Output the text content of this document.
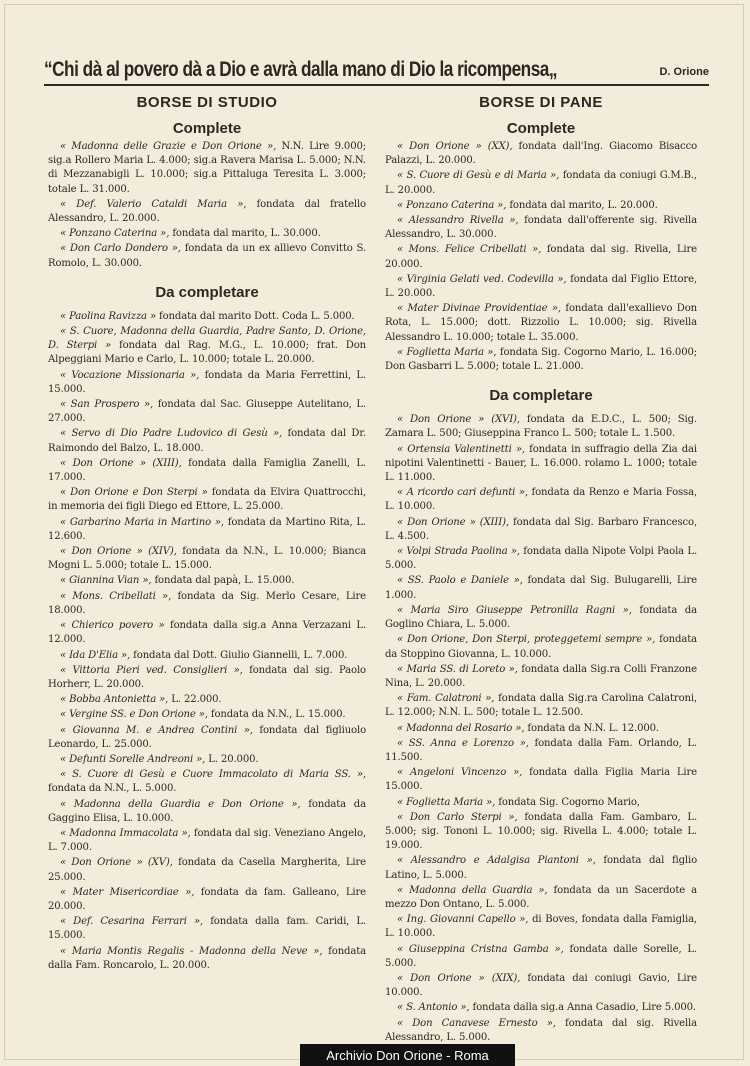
“Chi dà al povero dà a Dio e avrà dalla mano di Dio la ricompensa„	D. Orione
BORSE DI STUDIO
Complete

« Madonna delle Grazie e Don Orione », N.N. Lire 9.000; sig.a Rollero Maria L. 4.000; sig.a Ravera Marisa L. 5.000; N.N. di Mezzanabigli L. 10.000; sig.a Pittaluga Teresita L. 3.000; totale L. 31.000.

« Def. Valerio Cataldi Maria », fondata dal fratello Alessandro, L. 20.000.

« Ponzano Caterina », fondata dal marito, L. 30.000.

« Don Carlo Dondero », fondata da un ex allievo Convitto S. Romolo, L. 30.000.

Da completare

« Paolina Ravizza » fondata dal marito Dott. Coda L. 5.000.

« S. Cuore, Madonna della Guardia, Padre Santo, D. Orione, D. Sterpi » fondata dal Rag. M.G., L. 10.000; frat. Don Alpeggiani Mario e Carlo, L. 10.000; totale L. 20.000.

« Vocazione Missionaria », fondata da Maria Ferrettini, L. 15.000.

« San Prospero », fondata dal Sac. Giuseppe Autelitano, L. 27.000.

« Servo di Dio Padre Ludovico di Gesù », fondata dal Dr. Raimondo del Balzo, L. 18.000.

« Don Orione » (XIII), fondata dalla Famiglia Zanelli, L. 17.000.

« Don Orione e Don Sterpi » fondata da Elvira Quattrocchi, in memoria dei figli Diego ed Ettore, L. 25.000.

« Garbarino Maria in Martino », fondata da Martino Rita, L. 12.600.

« Don Orione » (XIV), fondata da N.N., L. 10.000; Bianca Mogni L. 5.000; totale L. 15.000.

« Giannina Vian », fondata dal papà, L. 15.000.

« Mons. Cribellati », fondata da Sig. Merlo Cesare, Lire 18.000.

« Chierico povero » fondata dalla sig.a Anna Verzazani L. 12.000.

« Ida D'Elia », fondata dal Dott. Giulio Giannelli, L. 7.000.

« Vittoria Pieri ved. Consiglieri », fondata dal sig. Paolo Horherr, L. 20.000.

« Bobba Antonietta », L. 22.000.

« Vergine SS. e Don Orione », fondata da N.N., L. 15.000.

« Giovanna M. e Andrea Contini », fondata dal figliuolo Leonardo, L. 25.000.

« Defunti Sorelle Andreoni », L. 20.000.

« S. Cuore di Gesù e Cuore Immacolato di Maria SS. », fondata da N.N., L. 5.000.

« Madonna della Guardia e Don Orione », fondata da Gaggino Elisa, L. 10.000.

« Madonna Immacolata », fondata dal sig. Veneziano Angelo, L. 7.000.

« Don Orione » (XV), fondata da Casella Margherita, Lire 25.000.

« Mater Misericordiae », fondata da fam. Galleano, Lire 20.000.

« Def. Cesarina Ferrari », fondata dalla fam. Caridi, L. 15.000.

« Maria Montis Regalis - Madonna della Neve », fondata dalla Fam. Roncarolo, L. 20.000.

BORSE DI PANE
Complete

« Don Orione » (XX), fondata dall'Ing. Giacomo Bisacco Palazzi, L. 20.000.

« S. Cuore di Gesù e di Maria », fondata da coniugi G.M.B., L. 20.000.

« Ponzano Caterina », fondata dal marito, L. 20.000.

« Alessandro Rivella », fondata dall'offerente sig. Rivella Alessandro, L. 30.000.

« Mons. Felice Cribellati », fondata dal sig. Rivella, Lire 20.000.

« Virginia Gelati ved. Codevilla », fondata dal Figlio Ettore, L. 20.000.

« Mater Divinae Providentiae », fondata dall'exallievo Don Rota, L. 15.000; dott. Rizzolio L. 10.000; sig. Rivella Alessandro L. 10.000; totale L. 35.000.

« Foglietta Maria », fondata Sig. Cogorno Mario, L. 16.000; Don Gasbarri L. 5.000; totale L. 21.000.

Da completare

« Don Orione » (XVI), fondata da E.D.C., L. 500; Sig. Zamara L. 500; Giuseppina Franco L. 500; totale L. 1.500.

« Ortensia Valentinetti », fondata in suffragio della Zia dai nipotini Valentinetti - Bauer, L. 16.000. rolamo L. 1000; totale L. 11.000.

« A ricordo cari defunti », fondata da Renzo e Maria Fossa, L. 10.000.

« Don Orione » (XIII), fondata dal Sig. Barbaro Francesco, L. 4.500.

« Volpi Strada Paolina », fondata dalla Nipote Volpi Paola L. 5.000.

« SS. Paolo e Daniele », fondata dal Sig. Bulugarelli, Lire 1.000.

« Maria Siro Giuseppe Petronilla Ragni », fondata da Goglino Chiara, L. 5.000.

« Don Orione, Don Sterpi, proteggetemi sempre », fondata da Stoppino Giovanna, L. 10.000.

« Maria SS. di Loreto », fondata dalla Sig.ra Colli Franzone Nina, L. 20.000.

« Fam. Calatroni », fondata dalla Sig.ra Carolina Calatroni, L. 12.000; N.N. L. 500; totale L. 12.500.

« Madonna del Rosario », fondata da N.N. L. 12.000.

« SS. Anna e Lorenzo », fondata dalla Fam. Orlando, L. 11.500.

« Angeloni Vincenzo », fondata dalla Figlia Maria Lire 15.000.

« Foglietta Maria », fondata Sig. Cogorno Mario,

« Don Carlo Sterpi », fondata dalla Fam. Gambaro, L. 5.000; sig. Tononi L. 10.000; sig. Rivella L. 4.000; totale L. 19.000.

« Alessandro e Adalgisa Piantoni », fondata dal figlio Latino, L. 5.000.

« Madonna della Guardia », fondata da un Sacerdote a mezzo Don Ontano, L. 5.000.

« Ing. Giovanni Capello », di Boves, fondata dalla Famiglia, L. 10.000.

« Giuseppina Cristna Gamba », fondata dalle Sorelle, L. 5.000.

« Don Orione » (XIX), fondata dai coniugi Gavio, Lire 10.000.

« S. Antonio », fondata dalla sig.a Anna Casadio, Lire 5.000.

« Don Canavese Ernesto », fondata dal sig. Rivella Alessandro, L. 5.000.

Archivio Don Orione - Roma
